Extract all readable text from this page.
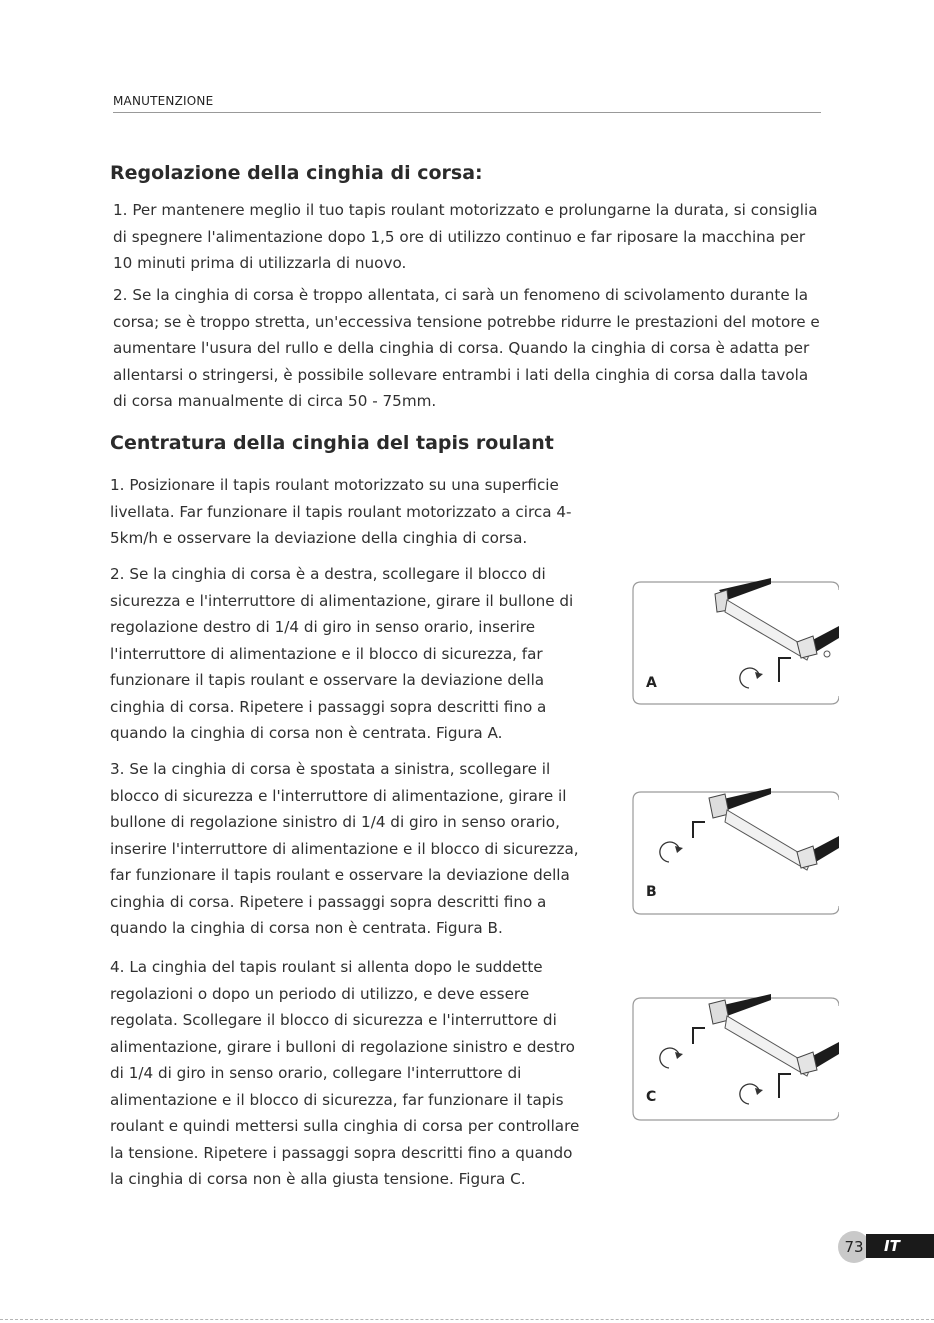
MANUTENZIONE
Regolazione della cinghia di corsa:

1. Per mantenere meglio il tuo tapis roulant motorizzato e prolungarne la durata, si consiglia di spegnere l'alimentazione dopo 1,5 ore di utilizzo continuo e far riposare la macchina per 10 minuti prima di utilizzarla di nuovo.

2. Se la cinghia di corsa è troppo allentata, ci sarà un fenomeno di scivolamento durante la corsa; se è troppo stretta, un'eccessiva tensione potrebbe ridurre le prestazioni del motore e aumentare l'usura del rullo e della cinghia di corsa. Quando la cinghia di corsa è adatta per allentarsi o stringersi, è possibile sollevare entrambi i lati della cinghia di corsa dalla tavola di corsa manualmente di circa 50 - 75mm.

Centratura della cinghia del tapis roulant

1. Posizionare il tapis roulant motorizzato su una superficie livellata. Far funzionare il tapis roulant motorizzato a circa 4-5km/h e osservare la deviazione della cinghia di corsa.

2. Se la cinghia di corsa è a destra, scollegare il blocco di sicurezza e l'interruttore di alimentazione, girare il bullone di regolazione destro di 1/4 di giro in senso orario, inserire l'interruttore di alimentazione e il blocco di sicurezza, far funzionare il tapis roulant e osservare la deviazione della cinghia di corsa. Ripetere i passaggi sopra descritti fino a quando la cinghia di corsa non è centrata. Figura A.

3. Se la cinghia di corsa è spostata a sinistra, scollegare il blocco di sicurezza e l'interruttore di alimentazione, girare il bullone di regolazione sinistro di 1/4 di giro in senso orario, inserire l'interruttore di alimentazione e il blocco di sicurezza, far funzionare il tapis roulant e osservare la deviazione della cinghia di corsa. Ripetere i passaggi sopra descritti fino a quando la cinghia di corsa non è centrata. Figura B.

4. La cinghia del tapis roulant si allenta dopo le suddette regolazioni o dopo un periodo di utilizzo, e deve essere regolata. Scollegare il blocco di sicurezza e l'interruttore di alimentazione, girare i bulloni di regolazione sinistro e destro di 1/4 di giro in senso orario, collegare l'interruttore di alimentazione e il blocco di sicurezza, far funzionare il tapis roulant e quindi mettersi sulla cinghia di corsa per controllare la tensione. Ripetere i passaggi sopra descritti fino a quando la cinghia di corsa non è alla giusta tensione. Figura C.

A
B
C
73	IT
